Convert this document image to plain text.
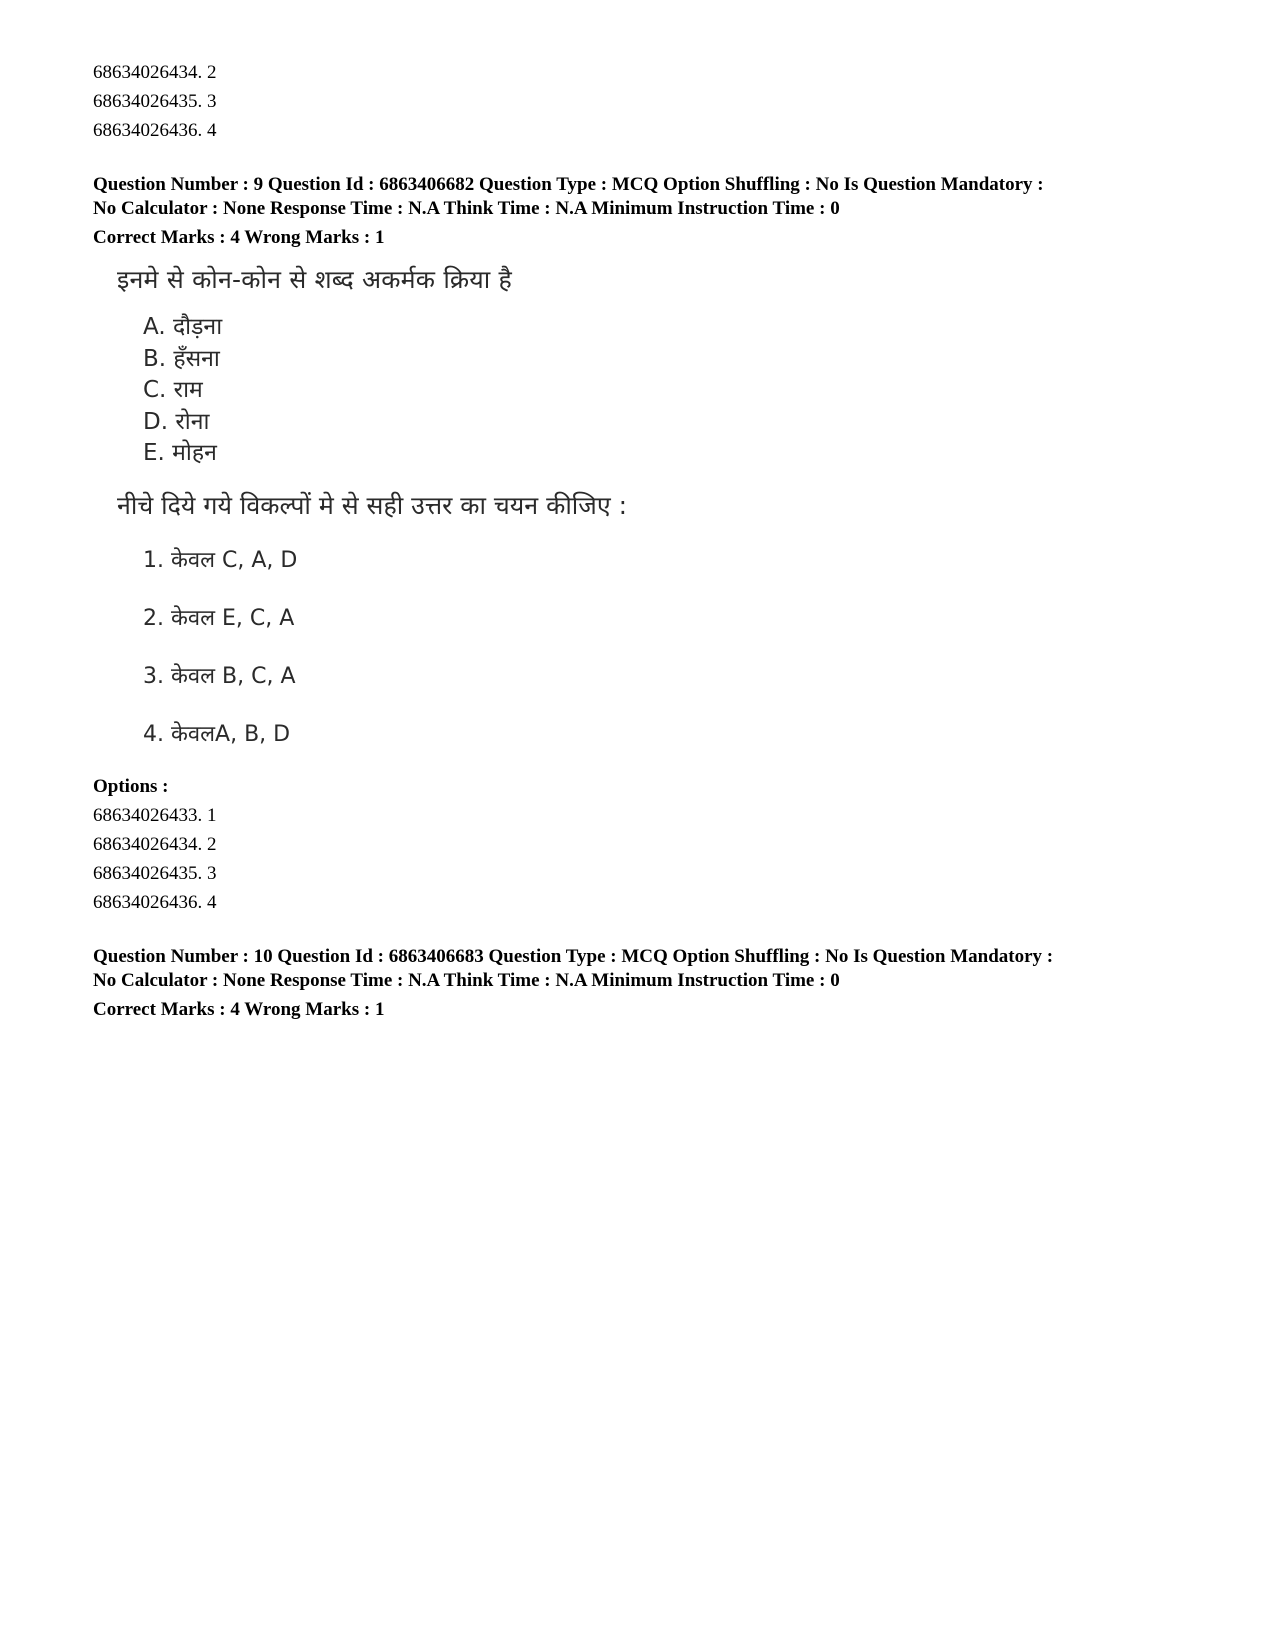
68634026434. 2

68634026435. 3

68634026436. 4

Question Number : 9 Question Id : 6863406682 Question Type : MCQ Option Shuffling : No Is Question Mandatory :

No Calculator : None Response Time : N.A Think Time : N.A Minimum Instruction Time : 0

Correct Marks : 4 Wrong Marks : 1

इनमे से कोन-कोन से शब्द अकर्मक क्रिया है

A. दौड़ना
B. हँसना
C. राम
D. रोना
E. मोहन

नीचे दिये गये विकल्पों मे से सही उत्तर का चयन कीजिए :

1. केवल C, A, D
2. केवल E, C, A
3. केवल B, C, A
4. केवलA, B, D

Options :

68634026433. 1

68634026434. 2

68634026435. 3

68634026436. 4

Question Number : 10 Question Id : 6863406683 Question Type : MCQ Option Shuffling : No Is Question Mandatory :

No Calculator : None Response Time : N.A Think Time : N.A Minimum Instruction Time : 0

Correct Marks : 4 Wrong Marks : 1
